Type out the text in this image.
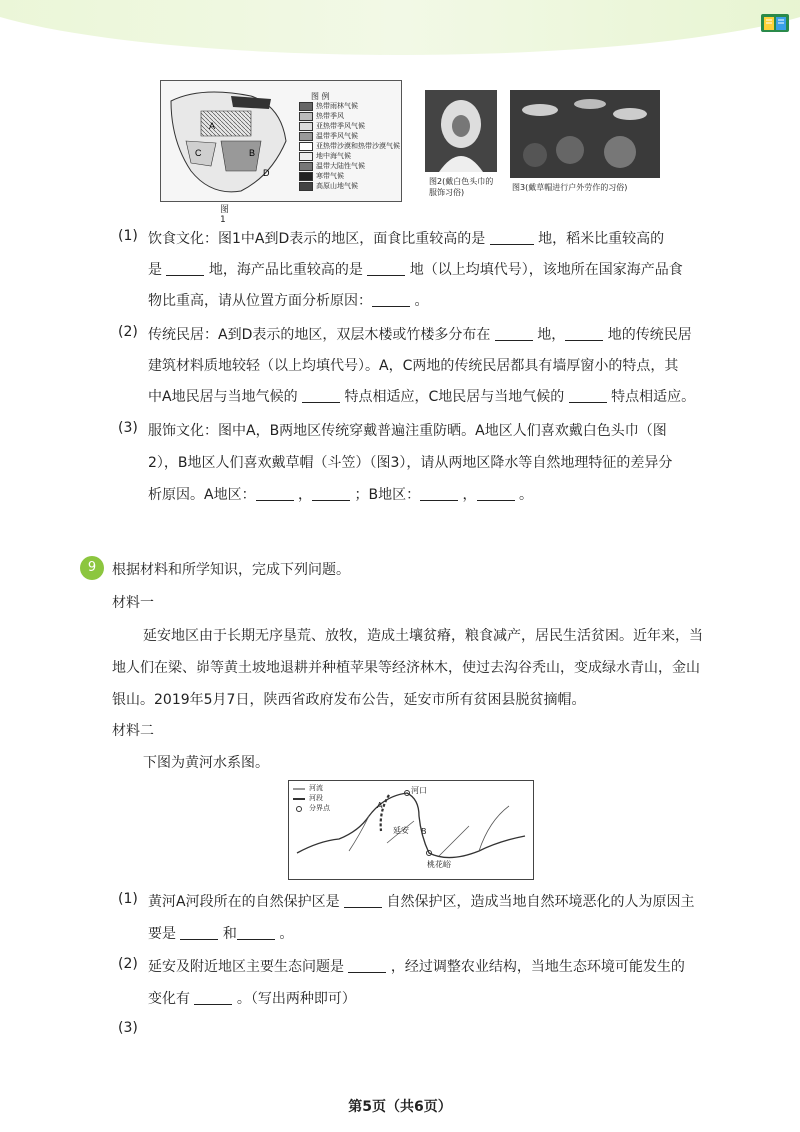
A
B
C
D
图 例
热带雨林气候
热带季风
亚热带季风气候
温带季风气候
亚热带沙漠和热带沙漠气候
地中海气候
温带大陆性气候
寒带气候
高原山地气候
图1
图2(戴白色头巾的服饰习俗)
图3(戴草帽进行户外劳作的习俗)
(1) 饮食文化：图1中A到D表示的地区，面食比重较高的是	地，稻米比重较高的
是	地，海产品比重较高的是	地（以上均填代号），该地所在国家海产品食
物比重高，请从位置方面分析原因：	。
(2) 传统民居：A到D表示的地区，双层木楼或竹楼多分布在	地，	地的传统民居
建筑材料质地较轻（以上均填代号）。A，C两地的传统民居都具有墙厚窗小的特点，其
中A地民居与当地气候的	特点相适应，C地民居与当地气候的	特点相适应。
(3) 服饰文化：图中A，B两地区传统穿戴普遍注重防晒。A地区人们喜欢戴白色头巾（图
2），B地区人们喜欢戴草帽（斗笠）（图3），请从两地区降水等自然地理特征的差异分
析原因。A地区：	，	；B地区：	，	。
9	根据材料和所学知识，完成下列问题。
材料一
延安地区由于长期无序垦荒、放牧，造成土壤贫瘠，粮食减产，居民生活贫困。近年来，当
地人们在梁、峁等黄土坡地退耕并种植苹果等经济林木，使过去沟谷秃山，变成绿水青山，金山
银山。2019年5月7日，陕西省政府发布公告，延安市所有贫困县脱贫摘帽。
材料二
下图为黄河水系图。
河流
河段
分界点
河口
延安
A
B
桃花峪
(1) 黄河A河段所在的自然保护区是	自然保护区，造成当地自然环境恶化的人为原因主
要是	和	。
(2) 延安及附近地区主要生态问题是	，经过调整农业结构，当地生态环境可能发生的
变化有	。（写出两种即可）
(3)
第5页（共6页）
